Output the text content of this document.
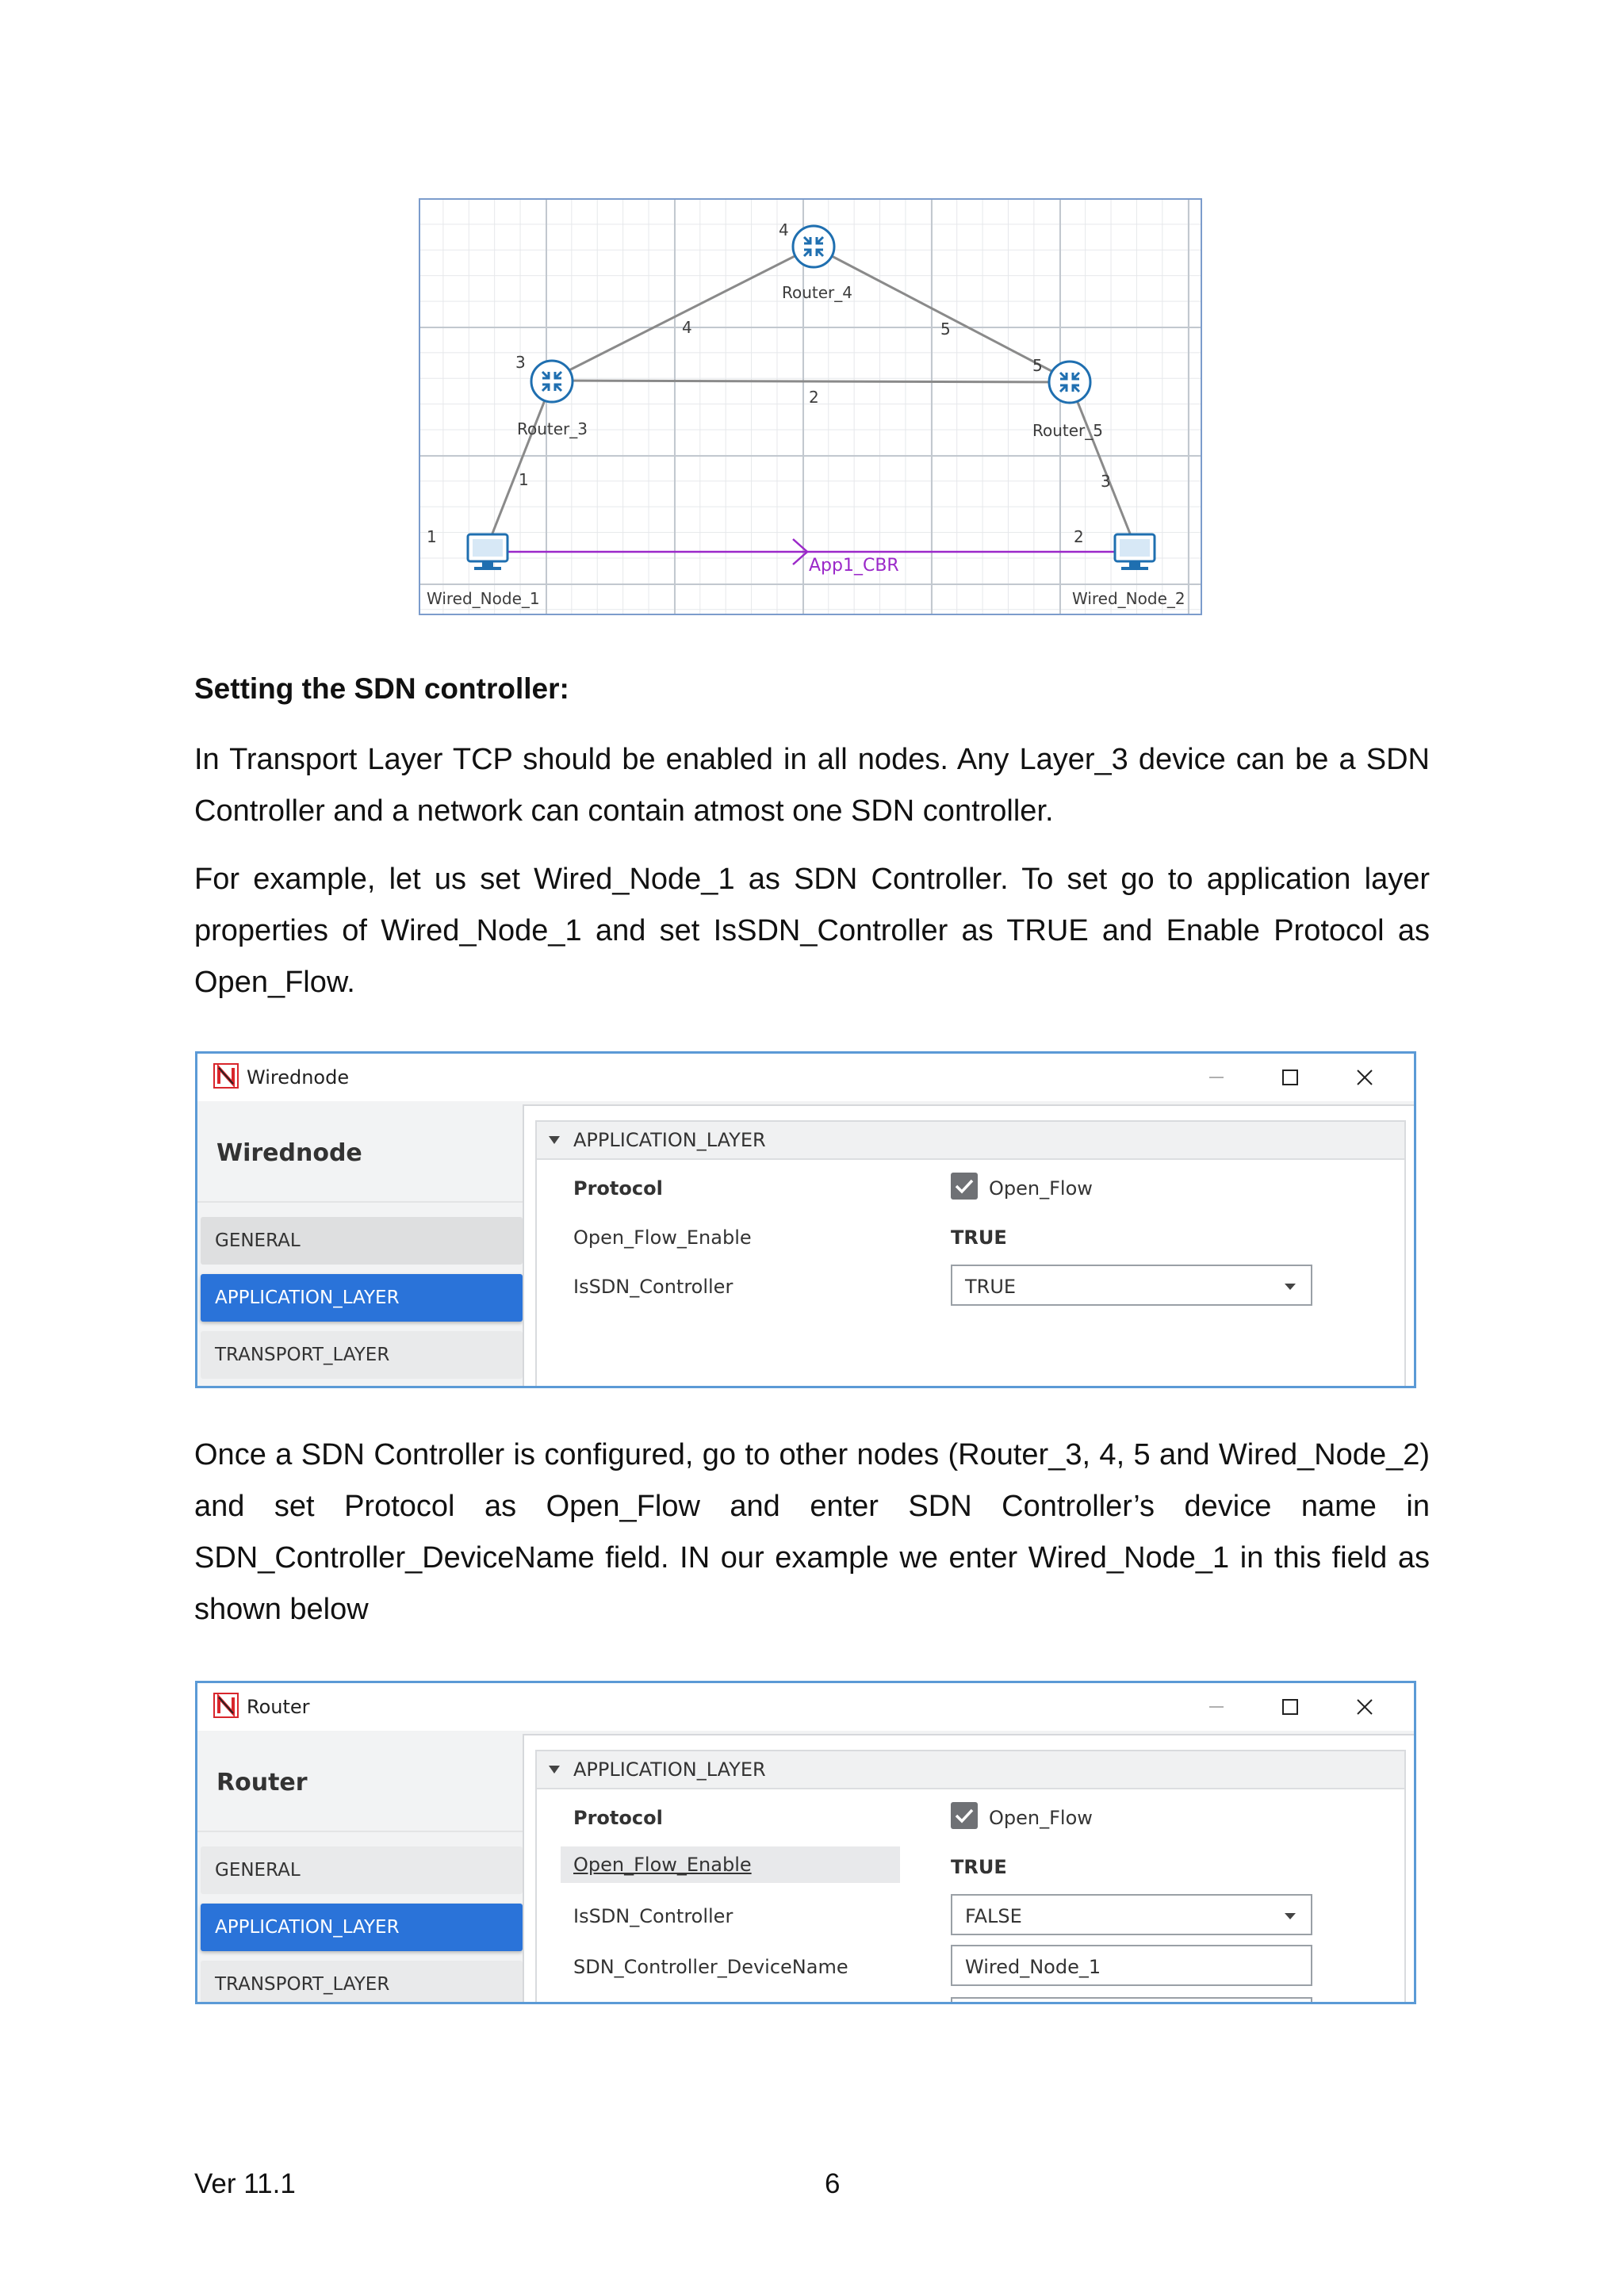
4	5
2
1	3
4
Router_4
3
Router_3
5
Router_5
1
Wired_Node_1
2
Wired_Node_2
App1_CBR
Setting the SDN controller:
In Transport Layer TCP should be enabled in all nodes. Any Layer_3 device can be a SDN Controller and a network can contain atmost one SDN controller.
For example, let us set Wired_Node_1 as SDN Controller. To set go to application layer properties of Wired_Node_1 and set IsSDN_Controller as TRUE and Enable Protocol as Open_Flow.
Wirednode
Wirednode
GENERAL
APPLICATION_LAYER
TRANSPORT_LAYER
APPLICATION_LAYER
Protocol	Open_Flow
Open_Flow_Enable	TRUE
IsSDN_Controller	TRUE
Once a SDN Controller is configured, go to other nodes (Router_3, 4, 5 and Wired_Node_2) and set Protocol as Open_Flow and enter SDN Controller’s device name in SDN_Controller_DeviceName field. IN our example we enter Wired_Node_1 in this field as shown below
Router
Router
GENERAL
APPLICATION_LAYER
TRANSPORT_LAYER
APPLICATION_LAYER
Protocol	Open_Flow
Open_Flow_Enable	TRUE
IsSDN_Controller	FALSE
SDN_Controller_DeviceName	Wired_Node_1
Ver 11.1	6
